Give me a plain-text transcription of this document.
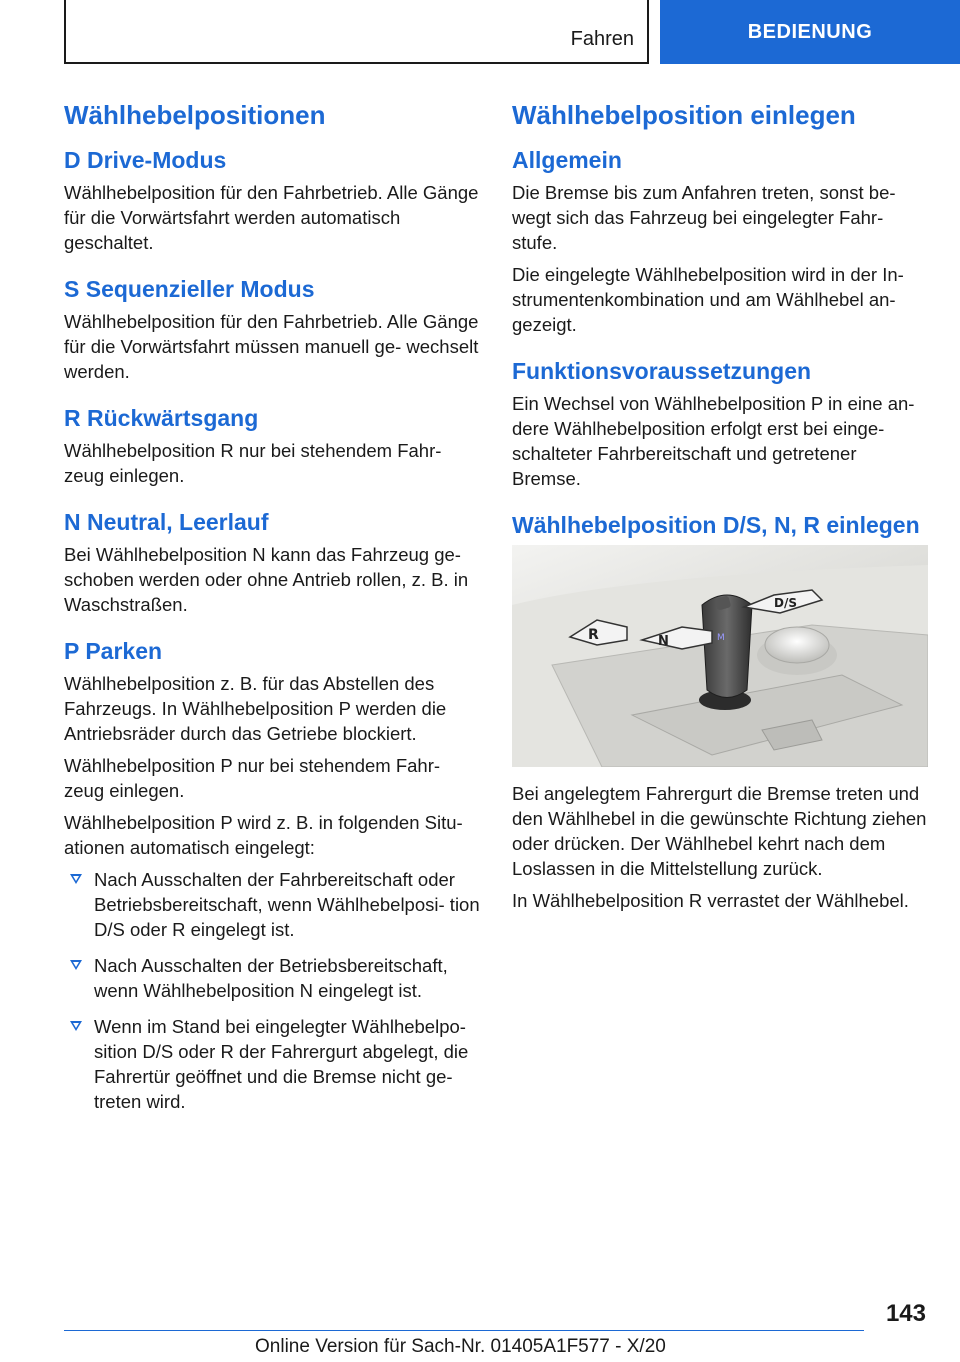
Fahren	BEDIENUNG
Wählhebelpositionen
D Drive-Modus

Wählhebelposition für den Fahrbetrieb. Alle Gänge für die Vorwärtsfahrt werden automatisch geschaltet.

S Sequenzieller Modus

Wählhebelposition für den Fahrbetrieb. Alle Gänge für die Vorwärtsfahrt müssen manuell ge‐ wechselt werden.

R Rückwärtsgang

Wählhebelposition R nur bei stehendem Fahr‐ zeug einlegen.

N Neutral, Leerlauf

Bei Wählhebelposition N kann das Fahrzeug ge‐ schoben werden oder ohne Antrieb rollen, z. B. in Waschstraßen.

P Parken

Wählhebelposition z. B. für das Abstellen des Fahrzeugs. In Wählhebelposition P werden die Antriebsräder durch das Getriebe blockiert.

Wählhebelposition P nur bei stehendem Fahr‐ zeug einlegen.

Wählhebelposition P wird z. B. in folgenden Situ‐ ationen automatisch eingelegt:

Nach Ausschalten der Fahrbereitschaft oder Betriebsbereitschaft, wenn Wählhebelposi‐ tion D/S oder R eingelegt ist.
Nach Ausschalten der Betriebsbereitschaft, wenn Wählhebelposition N eingelegt ist.
Wenn im Stand bei eingelegter Wählhebelpo‐ sition D/S oder R der Fahrergurt abgelegt, die Fahrertür geöffnet und die Bremse nicht ge‐ treten wird.
Wählhebelposition einlegen
Allgemein

Die Bremse bis zum Anfahren treten, sonst be‐ wegt sich das Fahrzeug bei eingelegter Fahr‐ stufe.

Die eingelegte Wählhebelposition wird in der In‐ strumentenkombination und am Wählhebel an‐ gezeigt.

Funktionsvoraussetzungen

Ein Wechsel von Wählhebelposition P in eine an‐ dere Wählhebelposition erfolgt erst bei einge‐ schalteter Fahrbereitschaft und getretener Bremse.

Wählhebelposition D/S, N, R einlegen
M
R	N
D/S

Bei angelegtem Fahrergurt die Bremse treten und den Wählhebel in die gewünschte Richtung ziehen oder drücken. Der Wählhebel kehrt nach dem Loslassen in die Mittelstellung zurück.

In Wählhebelposition R verrastet der Wählhebel.

143
Online Version für Sach-Nr. 01405A1F577 - X/20
